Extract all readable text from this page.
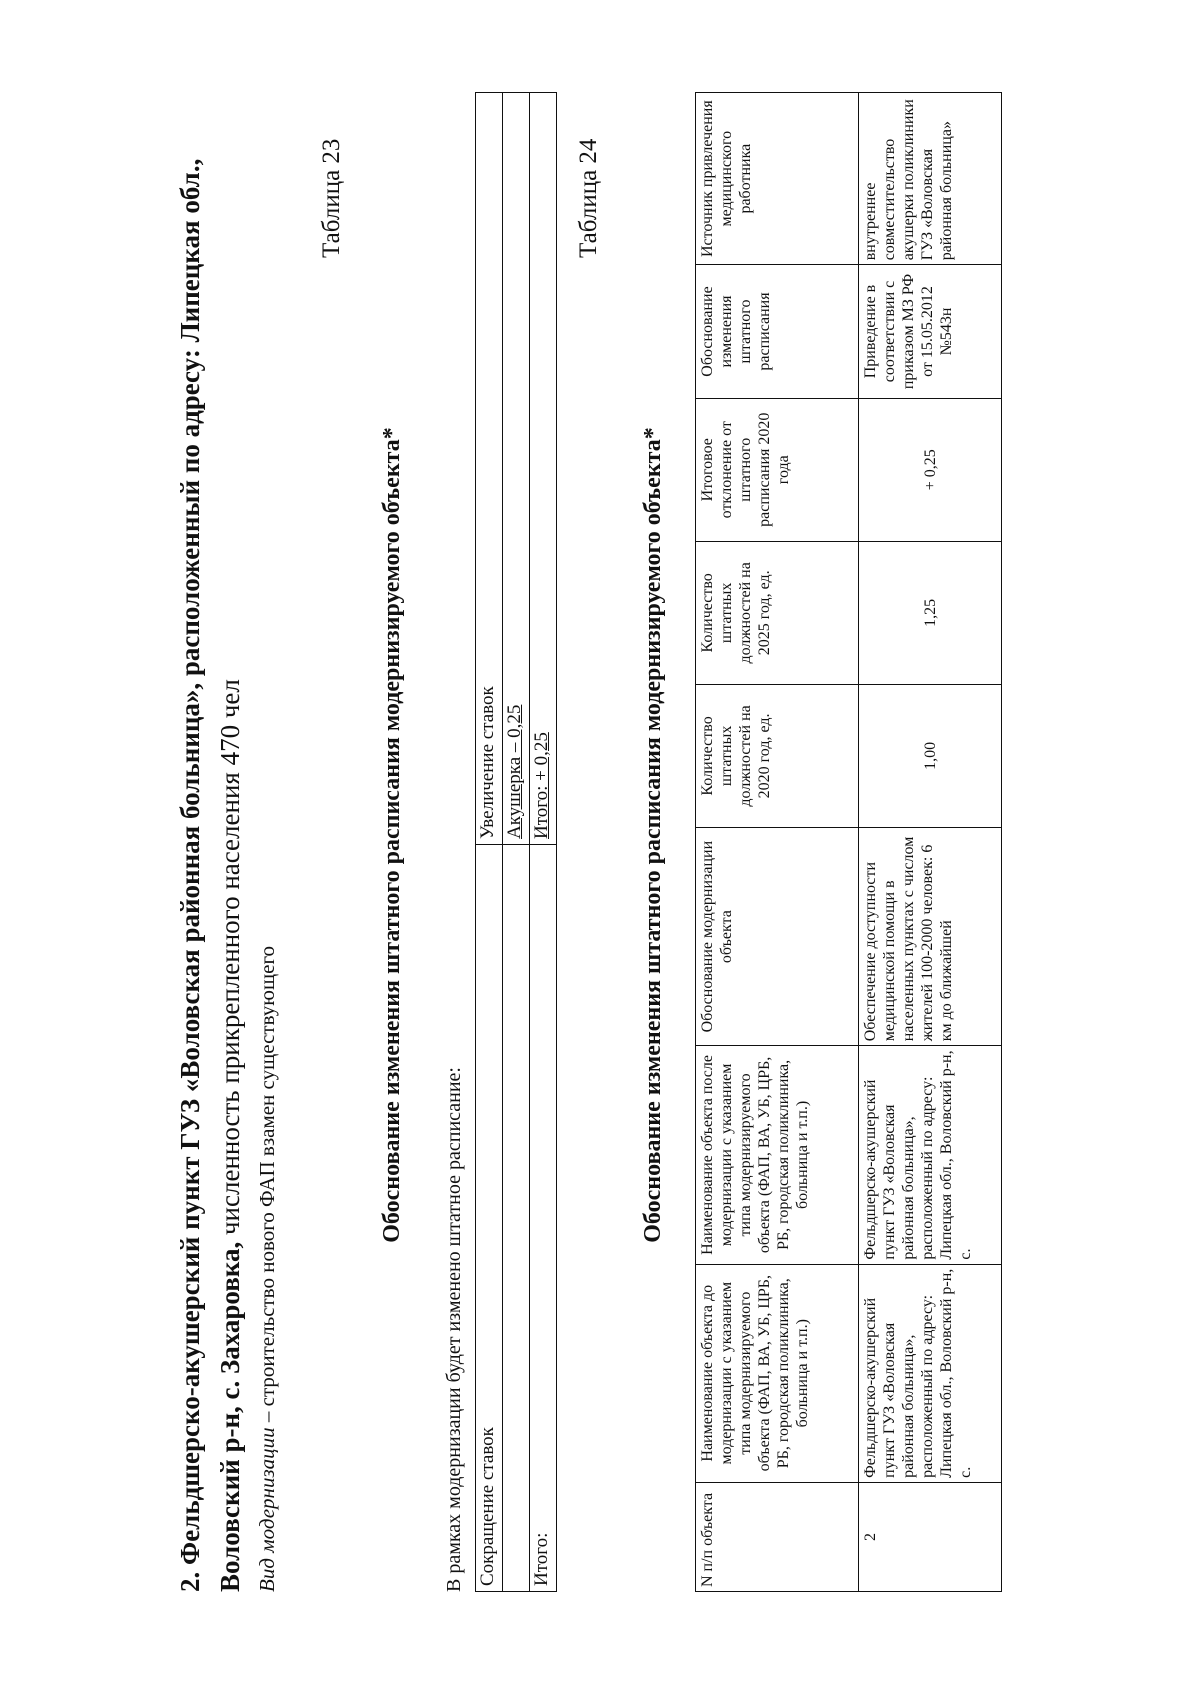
2. Фельдшерско-акушерский пункт ГУЗ «Воловская районная больница», расположенный по адресу: Липецкая обл., Воловский р-н, с. Захаровка, численность прикрепленного населения 470 чел
Вид модернизации – строительство нового ФАП взамен существующего
Таблица 23
Обоснование изменения штатного расписания модернизируемого объекта*
В рамках модернизации будет изменено штатное расписание: Сокращение ставок	Увеличение ставок
	Акушерка – 0,25
Итого:	Итого: + 0,25
Таблица 24
Обоснование изменения штатного расписания модернизируемого объекта*
N п/п объекта	Наименование объекта до модернизации с указанием типа модернизируемого объекта (ФАП, ВА, УБ, ЦРБ, РБ, городская поликлиника, больница и т.п.)	Наименование объекта после модернизации с указанием типа модернизируемого объекта (ФАП, ВА, УБ, ЦРБ, РБ, городская поликлиника, больница и т.п.)	Обоснование модернизации объекта	Количество штатных должностей на 2020 год, ед.	Количество штатных должностей на 2025 год, ед.	Итоговое отклонение от штатного расписания 2020 года	Обоснование изменения штатного расписания	Источник привлечения медицинского работника
2	Фельдшерско-акушерский пункт ГУЗ «Воловская районная больница», расположенный по адресу: Липецкая обл., Воловский р-н, с.	Фельдшерско-акушерский пункт ГУЗ «Воловская районная больница», расположенный по адресу: Липецкая обл., Воловский р-н, с.	Обеспечение доступности медицинской помощи в населенных пунктах с числом жителей 100-2000 человек: 6 км до ближайшей	1,00	1,25	+ 0,25	Приведение в соответствии с приказом МЗ РФ от 15.05.2012 №543н	внутреннее совместительство акушерки поликлиники ГУЗ «Воловская районная больница»
